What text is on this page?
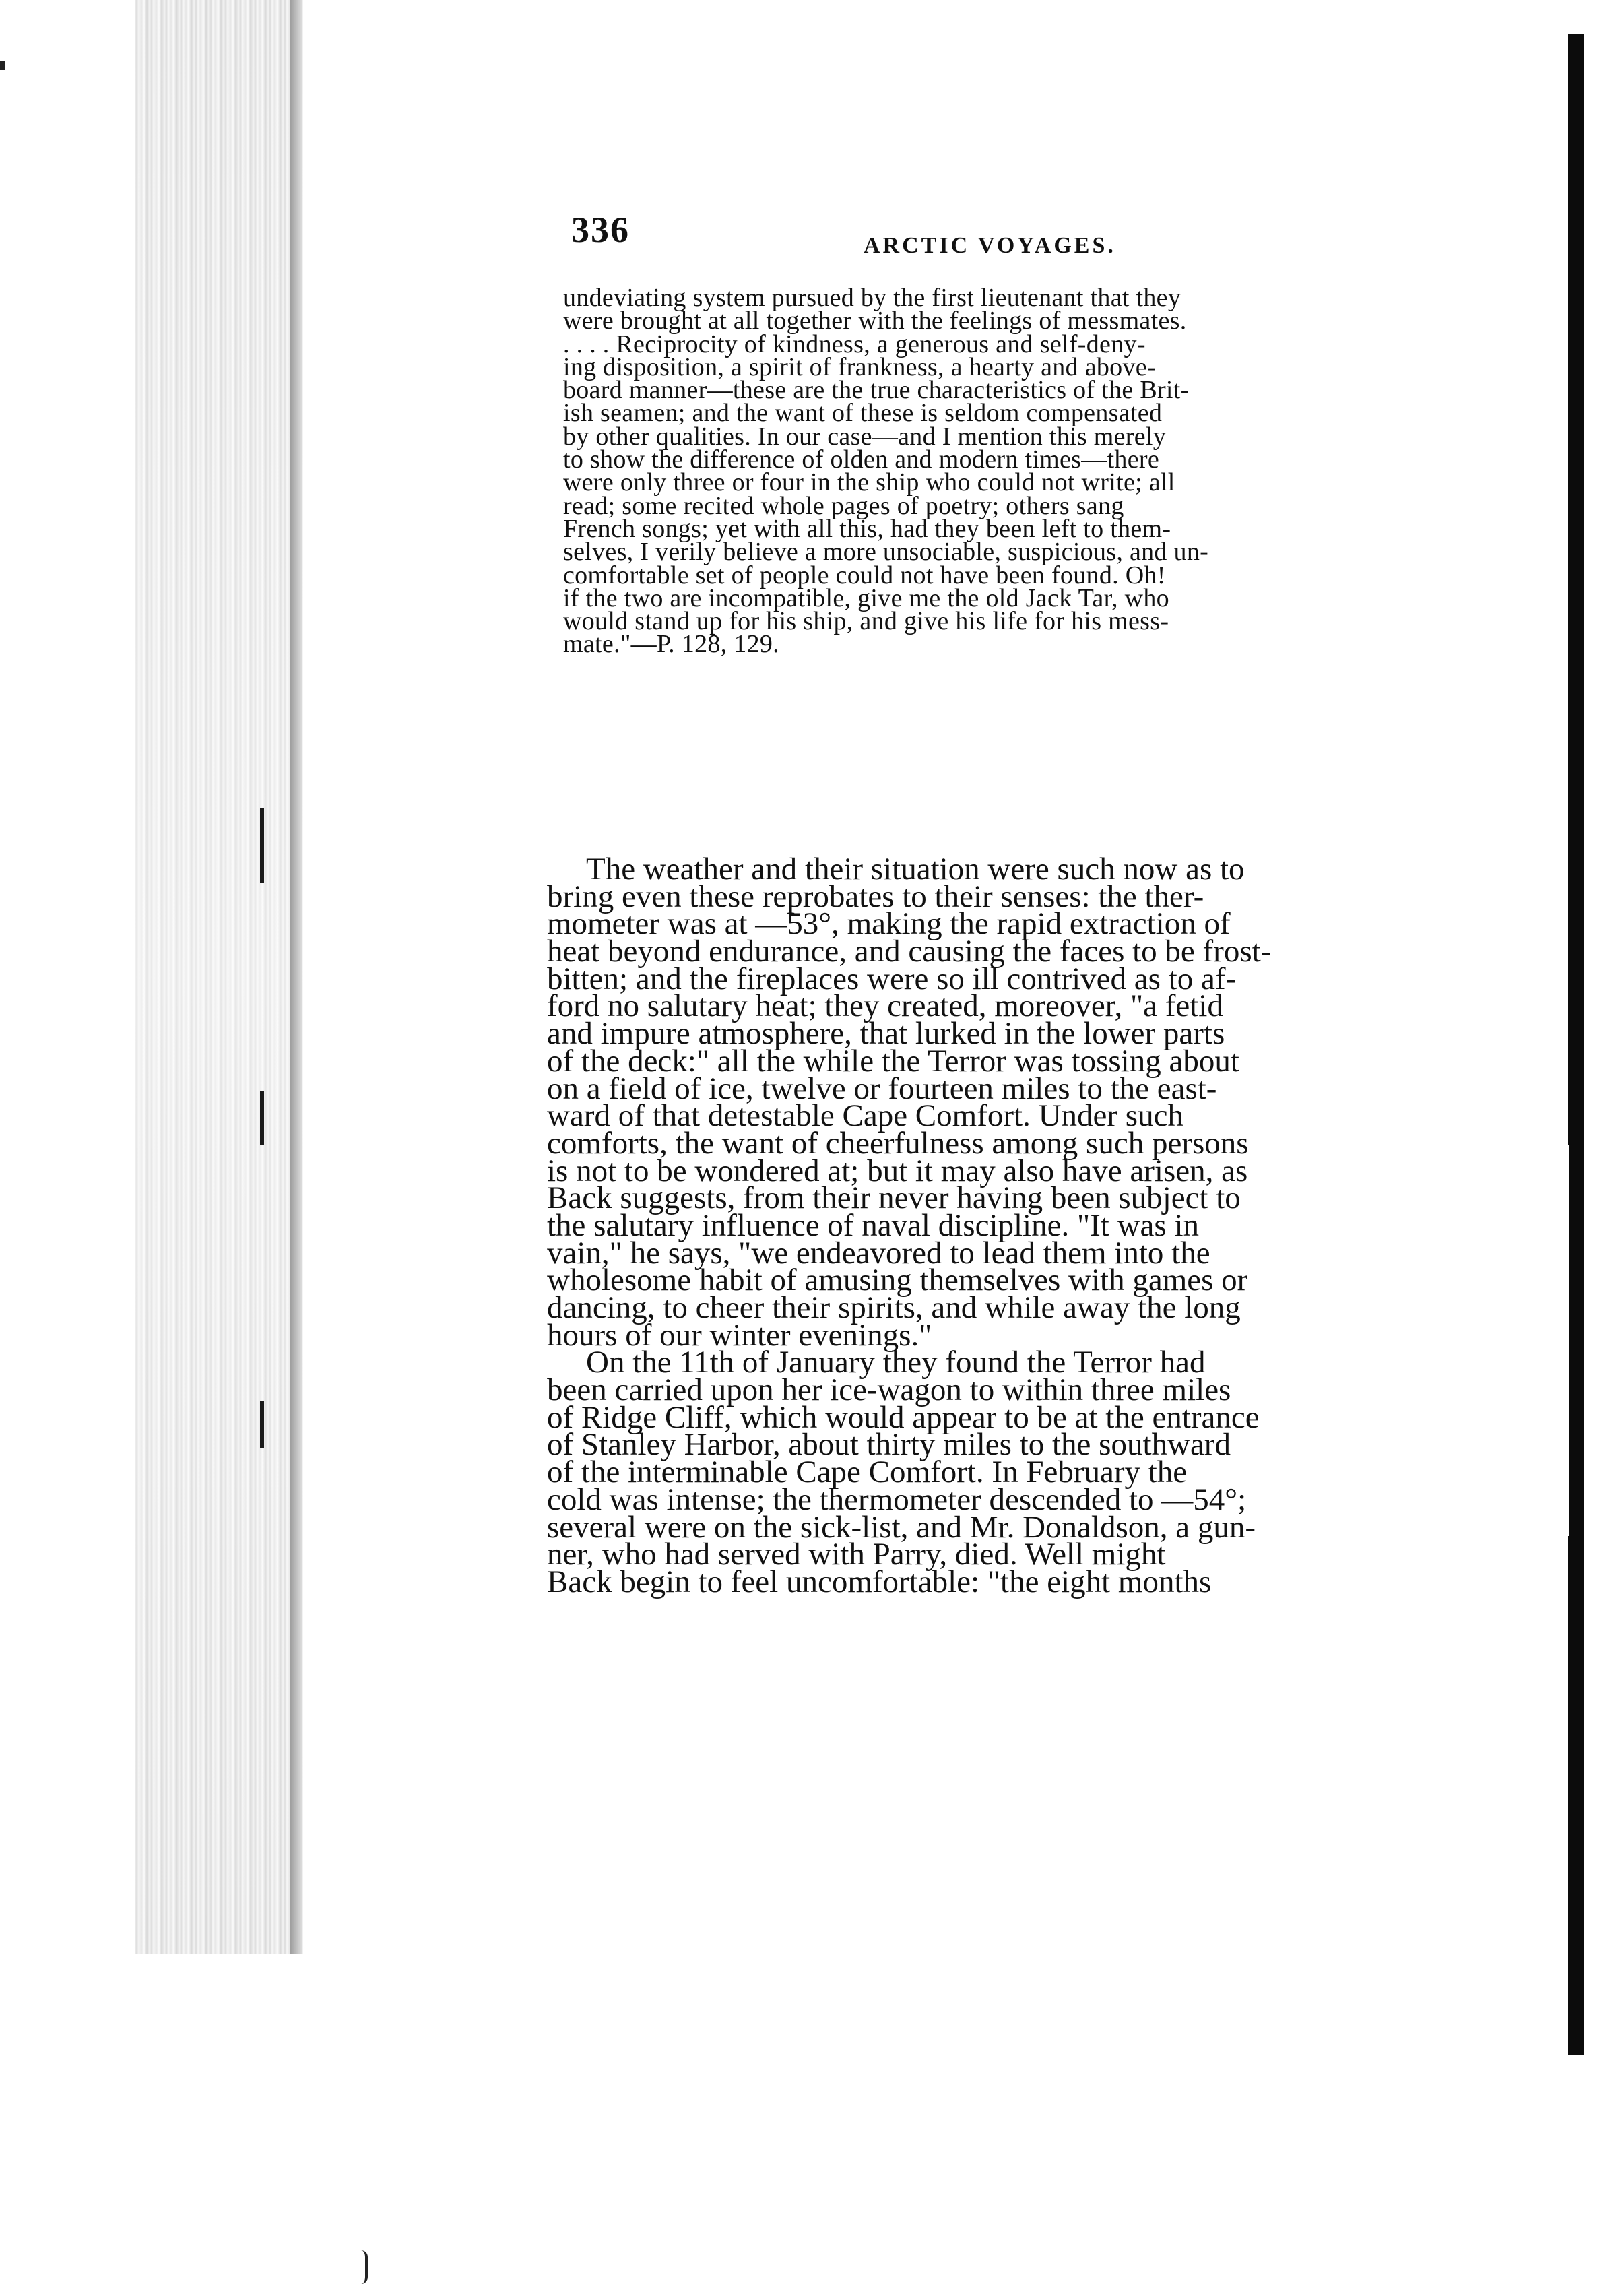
336	ARCTIC VOYAGES.
undeviating system pursued by the first lieutenant that they
were brought at all together with the feelings of messmates.
. . . . Reciprocity of kindness, a generous and self-deny-
ing disposition, a spirit of frankness, a hearty and above-
board manner—these are the true characteristics of the Brit-
ish seamen; and the want of these is seldom compensated
by other qualities. In our case—and I mention this merely
to show the difference of olden and modern times—there
were only three or four in the ship who could not write; all
read; some recited whole pages of poetry; others sang
French songs; yet with all this, had they been left to them-
selves, I verily believe a more unsociable, suspicious, and un-
comfortable set of people could not have been found. Oh!
if the two are incompatible, give me the old Jack Tar, who
would stand up for his ship, and give his life for his mess-
mate."—P. 128, 129.
The weather and their situation were such now as to
bring even these reprobates to their senses: the ther-
mometer was at —53°, making the rapid extraction of
heat beyond endurance, and causing the faces to be frost-
bitten; and the fireplaces were so ill contrived as to af-
ford no salutary heat; they created, moreover, "a fetid
and impure atmosphere, that lurked in the lower parts
of the deck:" all the while the Terror was tossing about
on a field of ice, twelve or fourteen miles to the east-
ward of that detestable Cape Comfort. Under such
comforts, the want of cheerfulness among such persons
is not to be wondered at; but it may also have arisen, as
Back suggests, from their never having been subject to
the salutary influence of naval discipline. "It was in
vain," he says, "we endeavored to lead them into the
wholesome habit of amusing themselves with games or
dancing, to cheer their spirits, and while away the long
hours of our winter evenings."
On the 11th of January they found the Terror had
been carried upon her ice-wagon to within three miles
of Ridge Cliff, which would appear to be at the entrance
of Stanley Harbor, about thirty miles to the southward
of the interminable Cape Comfort. In February the
cold was intense; the thermometer descended to —54°;
several were on the sick-list, and Mr. Donaldson, a gun-
ner, who had served with Parry, died. Well might
Back begin to feel uncomfortable: "the eight months
